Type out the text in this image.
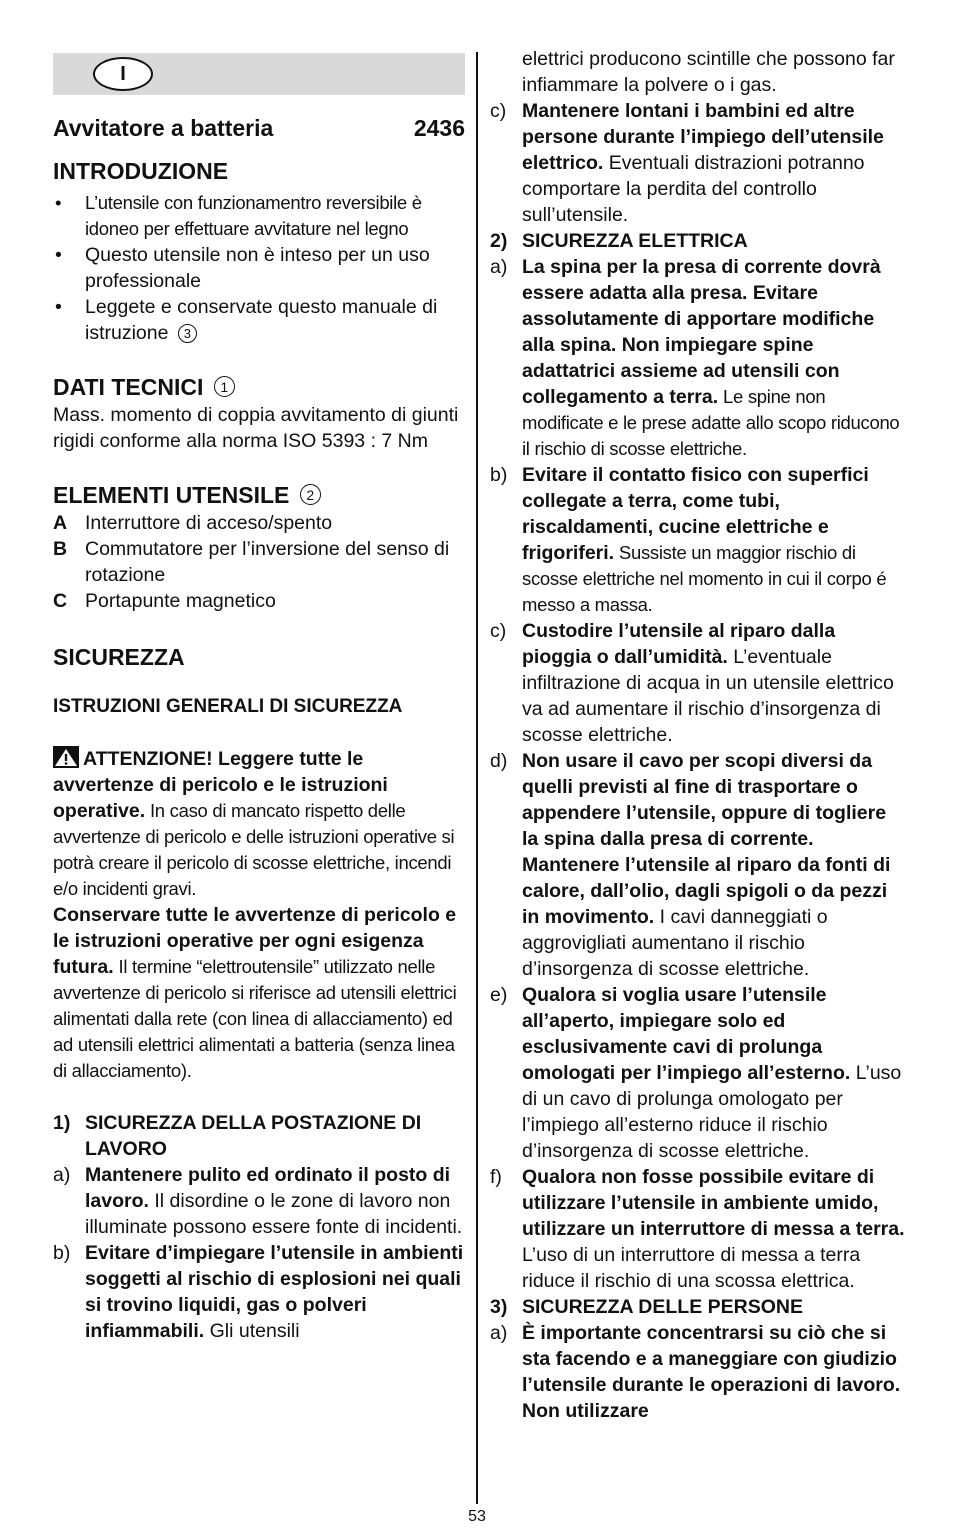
I
Avvitatore a batteria	2436
INTRODUZIONE
• L’utensile con funzionamentro reversibile è idoneo per effettuare avvitature nel legno
• Questo utensile non è inteso per un uso professionale
• Leggete e conservate questo manuale di istruzione 3
DATI TECNICI 1

Mass. momento di coppia avvitamento di giunti rigidi conforme alla norma ISO 5393 : 7 Nm

ELEMENTI UTENSILE 2
A Interruttore di acceso/spento
B Commutatore per l’inversione del senso di rotazione
C Portapunte magnetico
SICUREZZA
ISTRUZIONI GENERALI DI SICUREZZA

ATTENZIONE! Leggere tutte le avvertenze di pericolo e le istruzioni operative. In caso di mancato rispetto delle avvertenze di pericolo e delle istruzioni operative si potrà creare il pericolo di scosse elettriche, incendi e/o incidenti gravi.

Conservare tutte le avvertenze di pericolo e le istruzioni operative per ogni esigenza futura. Il termine “elettroutensile” utilizzato nelle avvertenze di pericolo si riferisce ad utensili elettrici alimentati dalla rete (con linea di allacciamento) ed ad utensili elettrici alimentati a batteria (senza linea di allacciamento).

1) SICUREZZA DELLA POSTAZIONE DI LAVORO
a) Mantenere pulito ed ordinato il posto di lavoro. Il disordine o le zone di lavoro non illuminate possono essere fonte di incidenti.
b) Evitare d’impiegare l’utensile in ambienti soggetti al rischio di esplosioni nei quali si trovino liquidi, gas o polveri infiammabili. Gli utensili
elettrici producono scintille che possono far infiammare la polvere o i gas.
c) Mantenere lontani i bambini ed altre persone durante l’impiego dell’utensile elettrico. Eventuali distrazioni potranno comportare la perdita del controllo sull’utensile.
2) SICUREZZA ELETTRICA
a) La spina per la presa di corrente dovrà essere adatta alla presa. Evitare assolutamente di apportare modifiche alla spina. Non impiegare spine adattatrici assieme ad utensili con collegamento a terra. Le spine non modificate e le prese adatte allo scopo riducono il rischio di scosse elettriche.
b) Evitare il contatto fisico con superfici collegate a terra, come tubi, riscaldamenti, cucine elettriche e frigoriferi. Sussiste un maggior rischio di scosse elettriche nel momento in cui il corpo é messo a massa.
c) Custodire l’utensile al riparo dalla pioggia o dall’umidità. L’eventuale infiltrazione di acqua in un utensile elettrico va ad aumentare il rischio d’insorgenza di scosse elettriche.
d) Non usare il cavo per scopi diversi da quelli previsti al fine di trasportare o appendere l’utensile, oppure di togliere la spina dalla presa di corrente. Mantenere l’utensile al riparo da fonti di calore, dall’olio, dagli spigoli o da pezzi in movimento. I cavi danneggiati o aggrovigliati aumentano il rischio d’insorgenza di scosse elettriche.
e) Qualora si voglia usare l’utensile all’aperto, impiegare solo ed esclusivamente cavi di prolunga omologati per l’impiego all’esterno. L’uso di un cavo di prolunga omologato per l’impiego all’esterno riduce il rischio d’insorgenza di scosse elettriche.
f)	Qualora non fosse possibile evitare di utilizzare l’utensile in ambiente umido, utilizzare un interruttore di messa a terra. L’uso di un interruttore di messa a terra riduce il rischio di una scossa elettrica.
3) SICUREZZA DELLE PERSONE
a) È importante concentrarsi su ciò che si sta facendo e a maneggiare con giudizio l’utensile durante le operazioni di lavoro. Non utilizzare
53
